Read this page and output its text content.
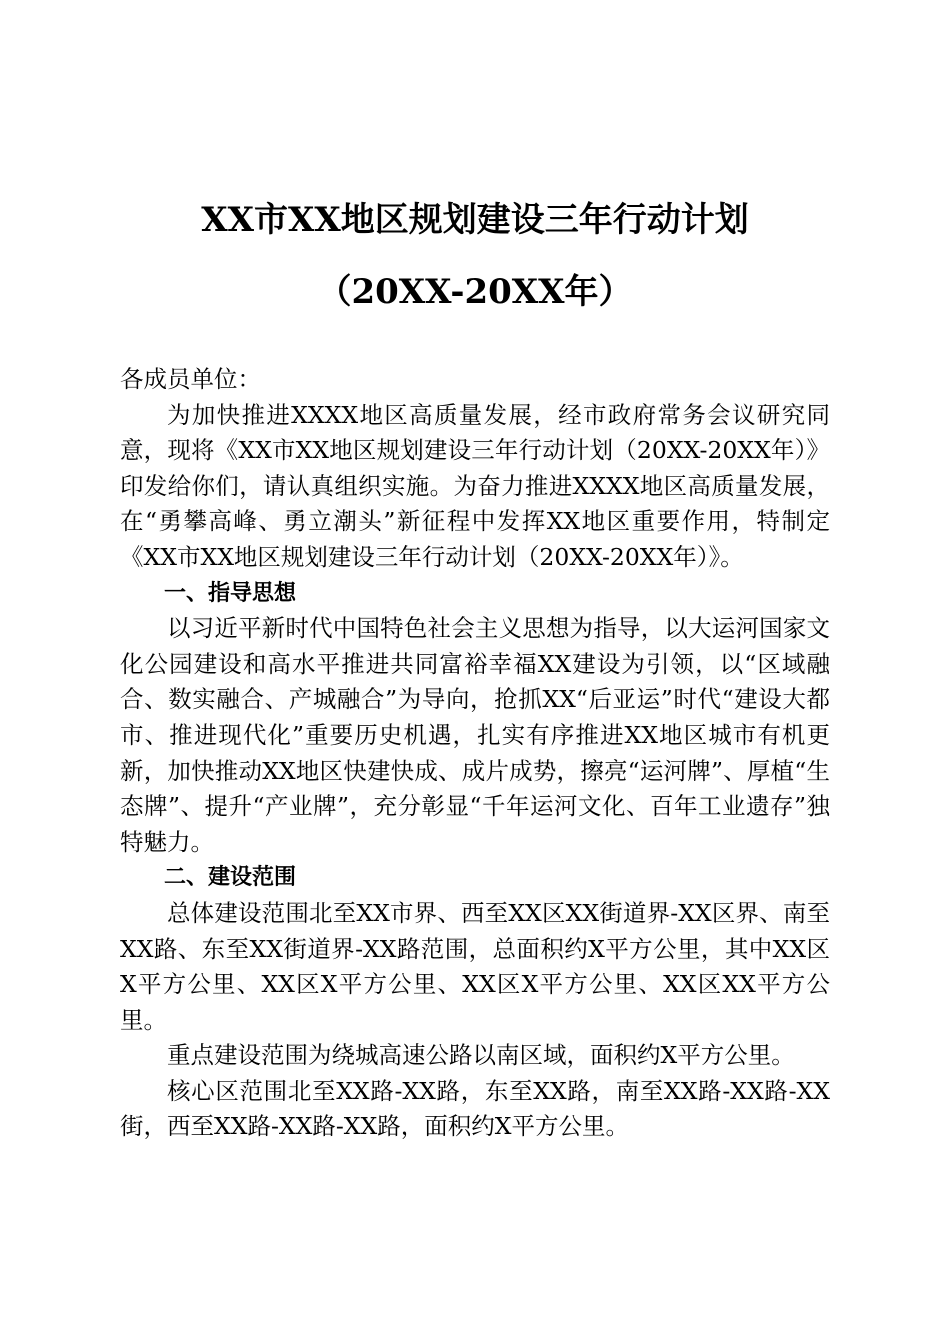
XX市XX地区规划建设三年行动计划
（20XX-20XX年）

各成员单位：

为加快推进XXXX地区高质量发展，经市政府常务会议研究同意，现将《XX市XX地区规划建设三年行动计划（20XX-20XX年）》印发给你们，请认真组织实施。为奋力推进XXXX地区高质量发展，在“勇攀高峰、勇立潮头”新征程中发挥XX地区重要作用，特制定《XX市XX地区规划建设三年行动计划（20XX-20XX年）》。

一、指导思想

以习近平新时代中国特色社会主义思想为指导，以大运河国家文化公园建设和高水平推进共同富裕幸福XX建设为引领，以“区域融合、数实融合、产城融合”为导向，抢抓XX“后亚运”时代“建设大都市、推进现代化”重要历史机遇，扎实有序推进XX地区城市有机更新，加快推动XX地区快建快成、成片成势，擦亮“运河牌”、厚植“生态牌”、提升“产业牌”，充分彰显“千年运河文化、百年工业遗存”独特魅力。

二、建设范围

总体建设范围北至XX市界、西至XX区XX街道界-XX区界、南至XX路、东至XX街道界-XX路范围，总面积约X平方公里，其中XX区X平方公里、XX区X平方公里、XX区X平方公里、XX区XX平方公里。

重点建设范围为绕城高速公路以南区域，面积约X平方公里。

核心区范围北至XX路-XX路，东至XX路，南至XX路-XX路-XX街，西至XX路-XX路-XX路，面积约X平方公里。
